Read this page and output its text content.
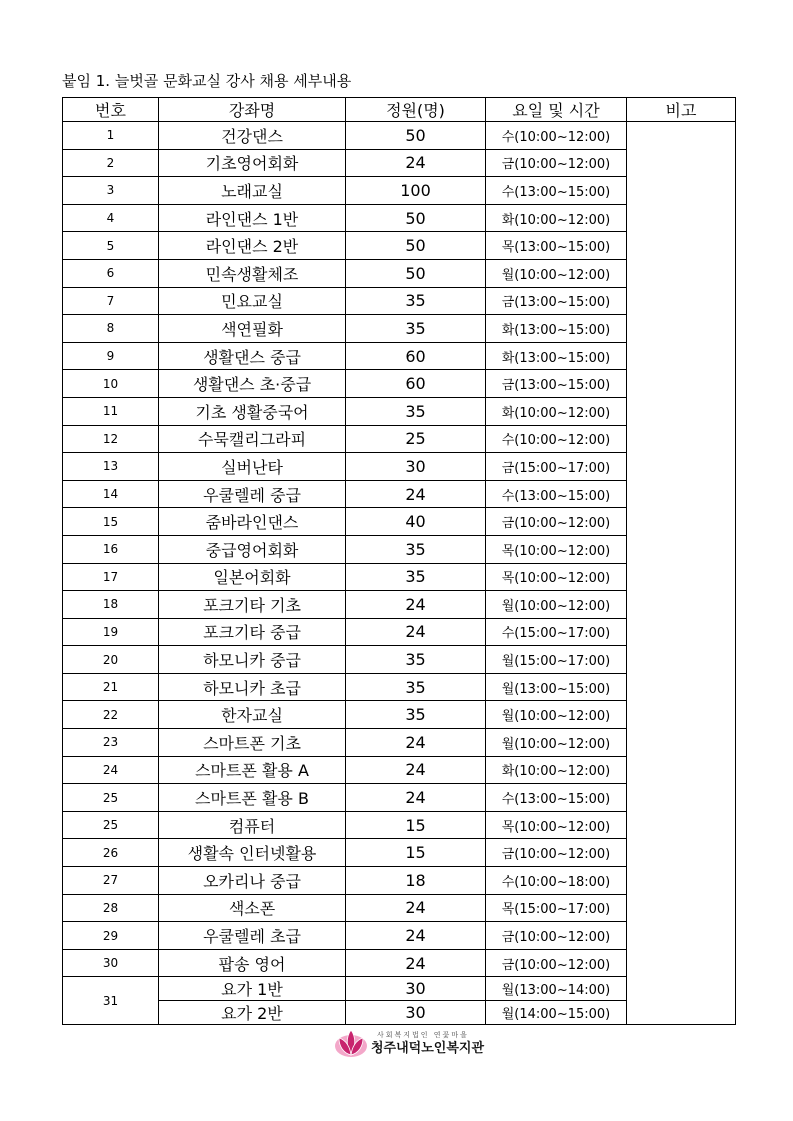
붙임 1. 늘벗골 문화교실 강사 채용 세부내용
번호	강좌명	정원(명)	요일 및 시간	비고
1	건강댄스	50	수(10:00~12:00)	
2	기초영어회화	24	금(10:00~12:00)	
3	노래교실	100	수(13:00~15:00)	
4	라인댄스 1반	50	화(10:00~12:00)	
5	라인댄스 2반	50	목(13:00~15:00)	
6	민속생활체조	50	월(10:00~12:00)	
7	민요교실	35	금(13:00~15:00)	
8	색연필화	35	화(13:00~15:00)	
9	생활댄스 중급	60	화(13:00~15:00)	
10	생활댄스 초·중급	60	금(13:00~15:00)	
11	기초 생활중국어	35	화(10:00~12:00)	
12	수묵캘리그라피	25	수(10:00~12:00)	
13	실버난타	30	금(15:00~17:00)	
14	우쿨렐레 중급	24	수(13:00~15:00)	
15	줌바라인댄스	40	금(10:00~12:00)	
16	중급영어회화	35	목(10:00~12:00)	
17	일본어회화	35	목(10:00~12:00)	
18	포크기타 기초	24	월(10:00~12:00)	
19	포크기타 중급	24	수(15:00~17:00)	
20	하모니카 중급	35	월(15:00~17:00)	
21	하모니카 초급	35	월(13:00~15:00)	
22	한자교실	35	월(10:00~12:00)	
23	스마트폰 기초	24	월(10:00~12:00)	
24	스마트폰 활용 A	24	화(10:00~12:00)	
25	스마트폰 활용 B	24	수(13:00~15:00)	
25	컴퓨터	15	목(10:00~12:00)	
26	생활속 인터넷활용	15	금(10:00~12:00)	
27	오카리나 중급	18	수(10:00~18:00)	
28	색소폰	24	목(15:00~17:00)	
29	우쿨렐레 초급	24	금(10:00~12:00)	
30	팝송 영어	24	금(10:00~12:00)	
31	요가 1반	30	월(13:00~14:00)	
	요가 2반	30	월(14:00~15:00)	
사회복지법인 연꽃마을
청주내덕노인복지관
